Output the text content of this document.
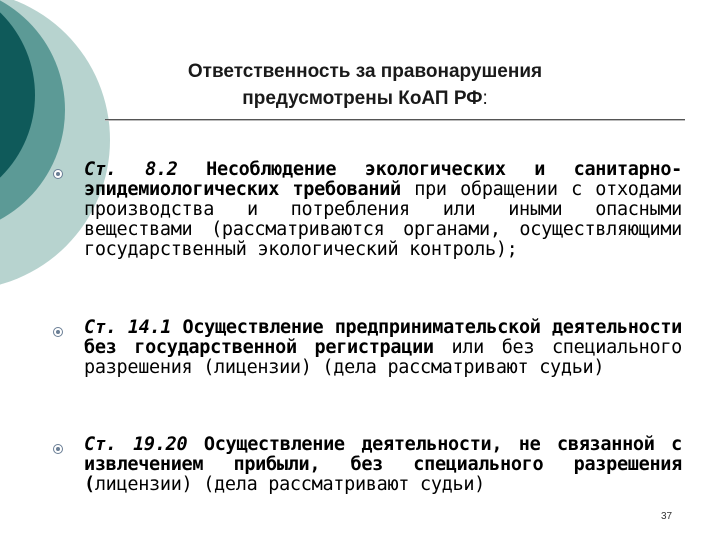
Ответственность за правонарушения
предусмотрены КоАП РФ:
Ст. 8.2 Несоблюдение экологических и санитарно-эпидемиологических требований при обращении с отходами производства и потребления или иными опасными веществами (рассматриваются органами, осуществляющими государственный экологический контроль);
Ст. 14.1 Осуществление предпринимательской деятельности без государственной регистрации или без специального разрешения (лицензии) (дела рассматривают судьи)
Ст. 19.20 Осуществление деятельности, не связанной с извлечением прибыли, без специального разрешения (лицензии) (дела рассматривают судьи)
37
